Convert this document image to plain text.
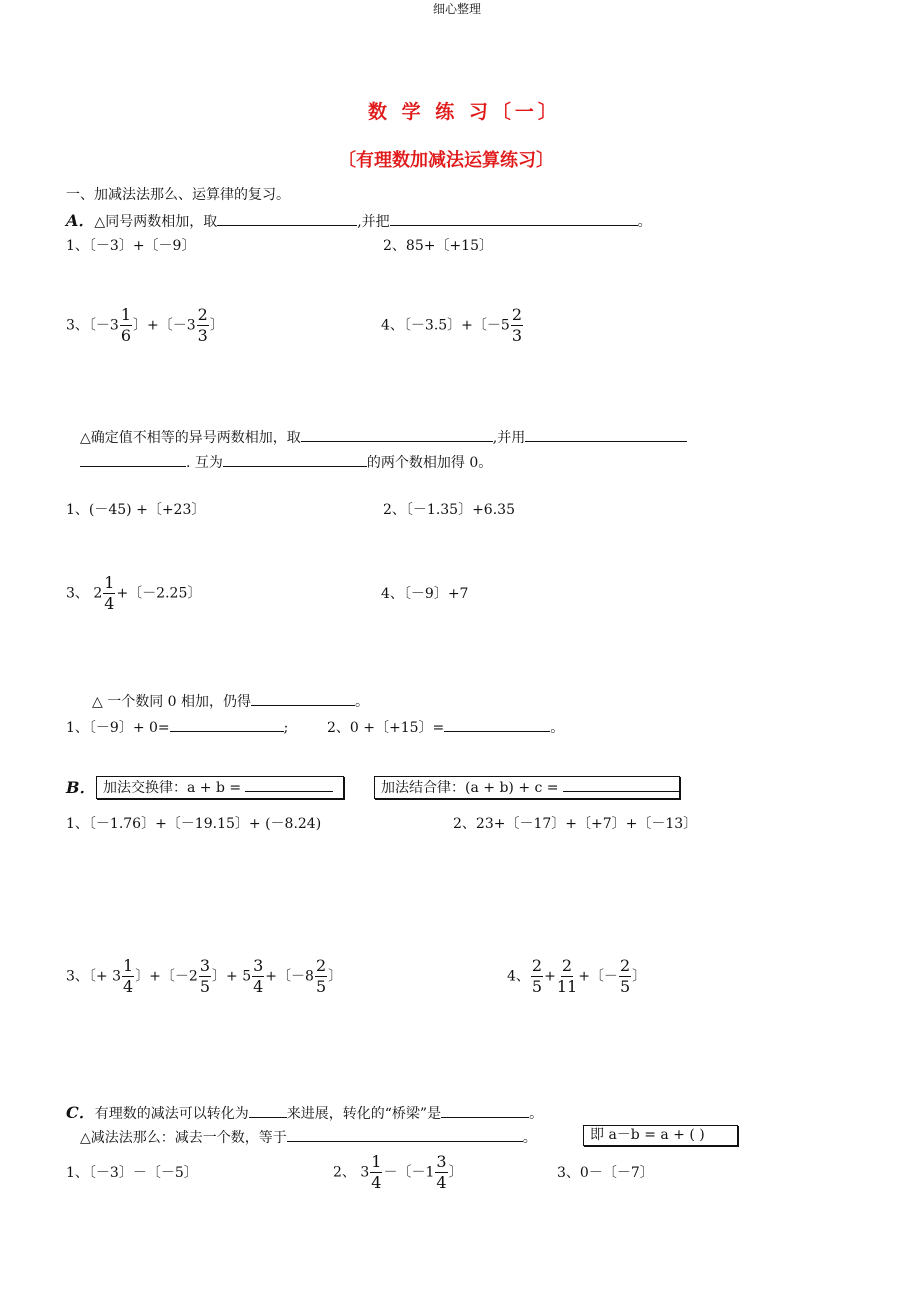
细心整理
数 学 练 习〔一〕
〔有理数加减法运算练习〕
一、加减法法那么、运算律的复习。
A．△同号两数相加，取	,并把	。
1、〔－3〕+〔－9〕	2、85+〔+15〕
3、〔$-3 \frac{1}{6}$ 〕+〔$-3 \frac{2}{3}$ 〕	4、〔－3.5〕+〔$-5 \frac{2}{3}$
△确定值不相等的异号两数相加，取	,并用
. 互为	的两个数相加得 0。
1、(－45) +〔+23〕	2、〔－1.35〕+6.35
3、 $2 \frac{1}{4}$ +〔－2.25〕	4、〔－9〕+7
△ 一个数同 0 相加，仍得	。
1、〔－9〕+ 0=	;	2、0 +〔+15〕=	。
B． 加法交换律：a + b =	加法结合律：(a + b) + c =
1、〔－1.76〕+〔－19.15〕+ (－8.24)	2、23+〔－17〕+〔+7〕+〔－13〕
3、〔+ $3 \frac{1}{4}$ 〕+〔$-2 \frac{3}{5}$ 〕+ $5 \frac{3}{4}$ +〔$-8 \frac{2}{5}$ 〕	4、 $\frac{2}{5} + \frac{2}{11}$ +〔－ $\frac{2}{5}$ 〕
C．有理数的减法可以转化为	来进展，转化的“桥梁”是	。
△减法法那么：减去一个数，等于	。	即 a－b = a + ( )
1、〔－3〕－〔－5〕	2、 $3 \frac{1}{4}$ －〔$-1 \frac{3}{4}$ 〕	3、0－〔－7〕
